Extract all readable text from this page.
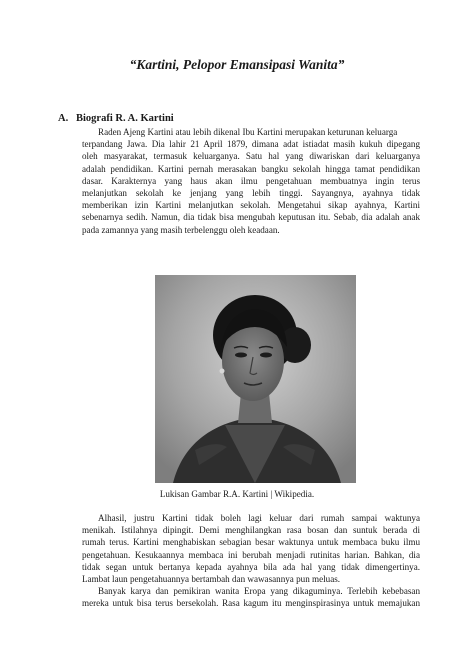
“Kartini, Pelopor Emansipasi Wanita”
A. Biografi R. A. Kartini
Raden Ajeng Kartini atau lebih dikenal Ibu Kartini merupakan keturunan keluarga
terpandang Jawa. Dia lahir 21 April 1879, dimana adat istiadat masih kukuh dipegang
oleh masyarakat, termasuk keluarganya. Satu hal yang diwariskan dari keluarganya
adalah pendidikan. Kartini pernah merasakan bangku sekolah hingga tamat pendidikan
dasar. Karakternya yang haus akan ilmu pengetahuan membuatnya ingin terus
melanjutkan sekolah ke jenjang yang lebih tinggi. Sayangnya, ayahnya tidak
memberikan izin Kartini melanjutkan sekolah. Mengetahui sikap ayahnya, Kartini
sebenarnya sedih. Namun, dia tidak bisa mengubah keputusan itu. Sebab, dia adalah anak
pada zamannya yang masih terbelenggu oleh keadaan.
Lukisan Gambar R.A. Kartini | Wikipedia.
Alhasil, justru Kartini tidak boleh lagi keluar dari rumah sampai waktunya
menikah. Istilahnya dipingit. Demi menghilangkan rasa bosan dan suntuk berada di
rumah terus. Kartini menghabiskan sebagian besar waktunya untuk membaca buku ilmu
pengetahuan. Kesukaannya membaca ini berubah menjadi rutinitas harian. Bahkan, dia
tidak segan untuk bertanya kepada ayahnya bila ada hal yang tidak dimengertinya.
Lambat laun pengetahuannya bertambah dan wawasannya pun meluas.
Banyak karya dan pemikiran wanita Eropa yang dikaguminya. Terlebih kebebasan
mereka untuk bisa terus bersekolah. Rasa kagum itu menginspirasinya untuk memajukan
